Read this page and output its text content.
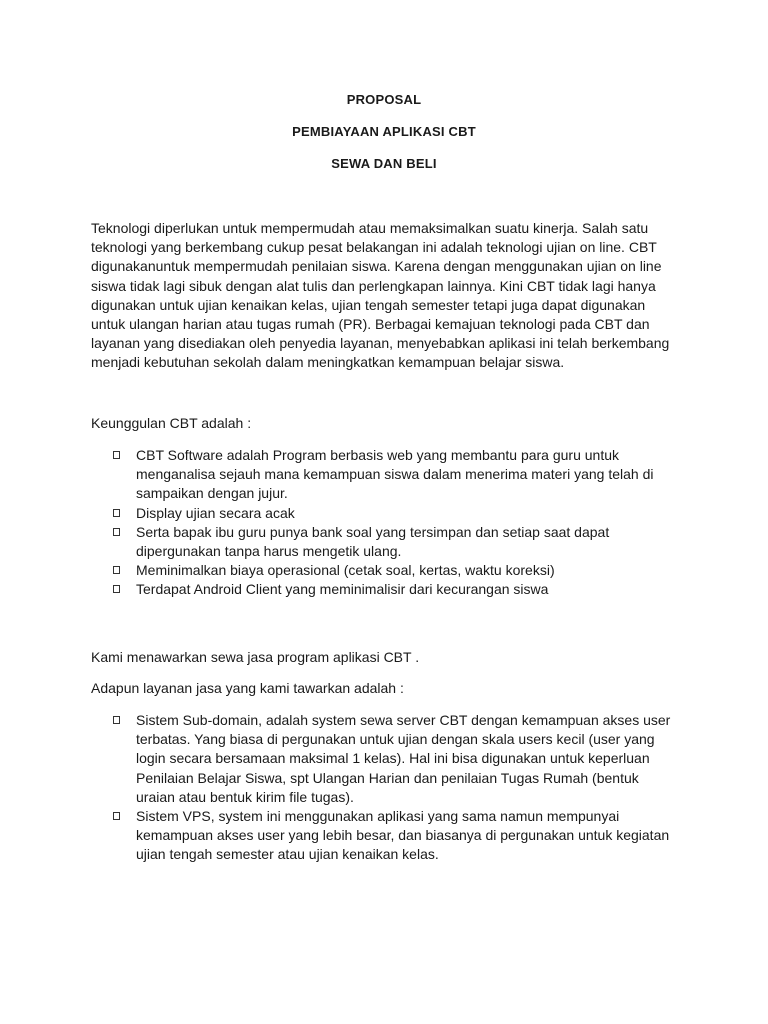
PROPOSAL

PEMBIAYAAN APLIKASI CBT

SEWA DAN BELI

Teknologi diperlukan untuk mempermudah atau memaksimalkan suatu kinerja. Salah satu teknologi yang berkembang cukup pesat belakangan ini adalah teknologi ujian on line. CBT digunakanuntuk mempermudah penilaian siswa. Karena dengan menggunakan ujian on line siswa tidak lagi sibuk dengan alat tulis dan perlengkapan lainnya. Kini CBT tidak lagi hanya digunakan untuk ujian kenaikan kelas, ujian tengah semester tetapi juga dapat digunakan untuk ulangan harian atau tugas rumah (PR). Berbagai kemajuan teknologi pada CBT dan layanan yang disediakan oleh penyedia layanan, menyebabkan aplikasi ini telah berkembang menjadi kebutuhan sekolah dalam meningkatkan kemampuan belajar siswa.

Keunggulan CBT adalah :

CBT Software adalah Program berbasis web yang membantu para guru untuk menganalisa sejauh mana kemampuan siswa dalam menerima materi yang telah di sampaikan dengan jujur.
Display ujian secara acak
Serta bapak ibu guru punya bank soal yang tersimpan dan setiap saat dapat dipergunakan tanpa harus mengetik ulang.
Meminimalkan biaya operasional (cetak soal, kertas, waktu koreksi)
Terdapat Android Client yang meminimalisir dari kecurangan siswa

Kami menawarkan sewa jasa program aplikasi CBT .

Adapun layanan jasa yang kami tawarkan adalah :

Sistem Sub-domain, adalah system sewa server CBT dengan kemampuan akses user terbatas. Yang biasa di pergunakan untuk ujian dengan skala users kecil (user yang login secara bersamaan maksimal 1 kelas). Hal ini bisa digunakan untuk keperluan Penilaian Belajar Siswa, spt Ulangan Harian dan penilaian Tugas Rumah (bentuk uraian atau bentuk kirim file tugas).
Sistem VPS, system ini menggunakan aplikasi yang sama namun mempunyai kemampuan akses user yang lebih besar, dan biasanya di pergunakan untuk kegiatan ujian tengah semester atau ujian kenaikan kelas.
